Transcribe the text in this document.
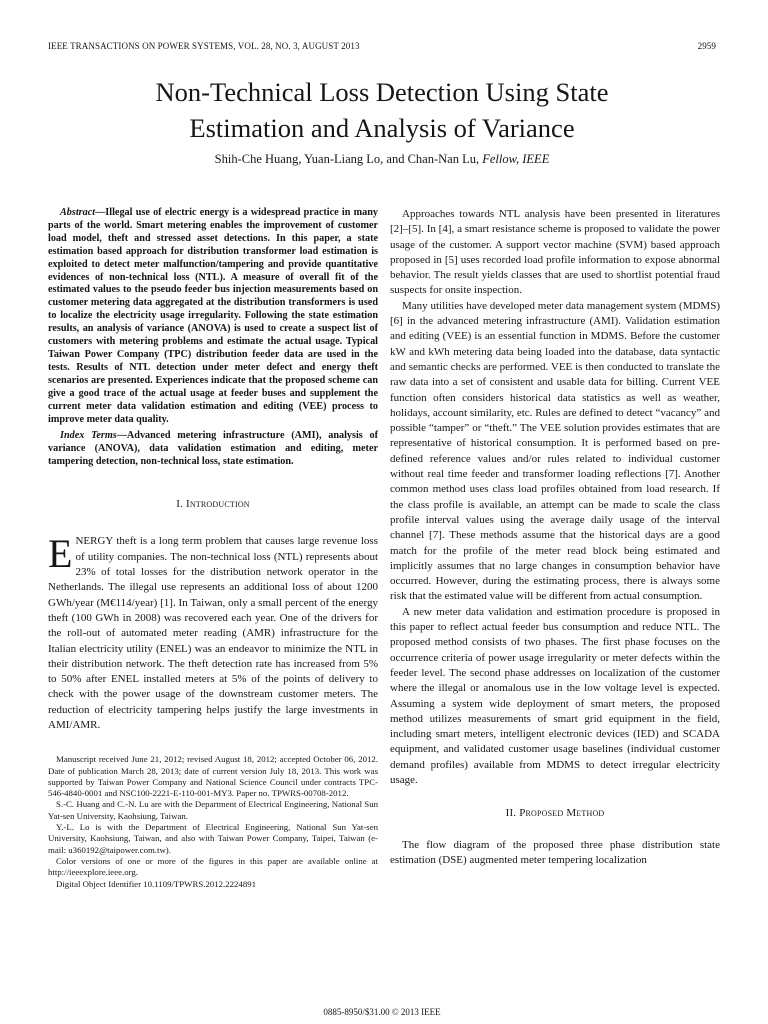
IEEE TRANSACTIONS ON POWER SYSTEMS, VOL. 28, NO. 3, AUGUST 2013	2959
Non-Technical Loss Detection Using State
Estimation and Analysis of Variance
Shih-Che Huang, Yuan-Liang Lo, and Chan-Nan Lu, Fellow, IEEE

Abstract—Illegal use of electric energy is a widespread practice in many parts of the world. Smart metering enables the improvement of customer load model, theft and stressed asset detections. In this paper, a state estimation based approach for distribution transformer load estimation is exploited to detect meter malfunction/tampering and provide quantitative evidences of non-technical loss (NTL). A measure of overall fit of the estimated values to the pseudo feeder bus injection measurements based on customer metering data aggregated at the distribution transformers is used to localize the electricity usage irregularity. Following the state estimation results, an analysis of variance (ANOVA) is used to create a suspect list of customers with metering problems and estimate the actual usage. Typical Taiwan Power Company (TPC) distribution feeder data are used in the tests. Results of NTL detection under meter defect and energy theft scenarios are presented. Experiences indicate that the proposed scheme can give a good trace of the actual usage at feeder buses and supplement the current meter data validation estimation and editing (VEE) process to improve meter data quality.

Index Terms—Advanced metering infrastructure (AMI), analysis of variance (ANOVA), data validation estimation and editing, meter tampering detection, non-technical loss, state estimation.

I. Introduction

ENERGY theft is a long term problem that causes large revenue loss of utility companies. The non-technical loss (NTL) represents about 23% of total losses for the distribution network operator in the Netherlands. The illegal use represents an additional loss of about 1200 GWh/year (M€114/year) [1]. In Taiwan, only a small percent of the energy theft (100 GWh in 2008) was recovered each year. One of the drivers for the roll-out of automated meter reading (AMR) infrastructure for the Italian electricity utility (ENEL) was an endeavor to minimize the NTL in their distribution network. The theft detection rate has increased from 5% to 50% after ENEL installed meters at 5% of the points of delivery to check with the power usage of the downstream customer meters. The reduction of electricity tampering helps justify the large investments in AMI/AMR.

Manuscript received June 21, 2012; revised August 18, 2012; accepted October 06, 2012. Date of publication March 28, 2013; date of current version July 18, 2013. This work was supported by Taiwan Power Company and National Science Council under contracts TPC-546-4840-0001 and NSC100-2221-E-110-001-MY3. Paper no. TPWRS-00708-2012.

S.-C. Huang and C.-N. Lu are with the Department of Electrical Engineering, National Sun Yat-sen University, Kaohsiung, Taiwan.

Y.-L. Lo is with the Department of Electrical Engineering, National Sun Yat-sen University, Kaohsiung, Taiwan, and also with Taiwan Power Company, Taipei, Taiwan (e-mail: u360192@taipower.com.tw).

Color versions of one or more of the figures in this paper are available online at http://ieeexplore.ieee.org.

Digital Object Identifier 10.1109/TPWRS.2012.2224891

Approaches towards NTL analysis have been presented in literatures [2]–[5]. In [4], a smart resistance scheme is proposed to validate the power usage of the customer. A support vector machine (SVM) based approach proposed in [5] uses recorded load profile information to expose abnormal behavior. The result yields classes that are used to shortlist potential fraud suspects for onsite inspection.

Many utilities have developed meter data management system (MDMS) [6] in the advanced metering infrastructure (AMI). Validation estimation and editing (VEE) is an essential function in MDMS. Before the customer kW and kWh metering data being loaded into the database, data syntactic and semantic checks are performed. VEE is then conducted to translate the raw data into a set of consistent and usable data for billing. Current VEE function often considers historical data statistics as well as weather, holidays, account similarity, etc. Rules are defined to detect “vacancy” and possible “tamper” or “theft.” The VEE solution provides estimates that are representative of historical consumption. It is performed based on pre-defined reference values and/or rules related to individual customer without real time feeder and transformer loading reflections [7]. Another common method uses class load profiles obtained from load research. If the class profile is available, an attempt can be made to scale the class profile interval values using the average daily usage of the interval channel [7]. These methods assume that the historical days are a good match for the profile of the meter read block being estimated and implicitly assumes that no large changes in consumption behavior have occurred. However, during the estimating process, there is always some risk that the estimated value will be different from actual consumption.

A new meter data validation and estimation procedure is proposed in this paper to reflect actual feeder bus consumption and reduce NTL. The proposed method consists of two phases. The first phase focuses on the occurrence criteria of power usage irregularity or meter defects within the feeder level. The second phase addresses on localization of the customer where the illegal or anomalous use in the low voltage level is expected. Assuming a system wide deployment of smart meters, the proposed method utilizes measurements of smart grid equipment in the field, including smart meters, intelligent electronic devices (IED) and SCADA equipment, and validated customer usage baselines (individual customer demand profiles) available from MDMS to detect irregular electricity usage.

II. Proposed Method

The flow diagram of the proposed three phase distribution state estimation (DSE) augmented meter tempering localization

0885-8950/$31.00 © 2013 IEEE
